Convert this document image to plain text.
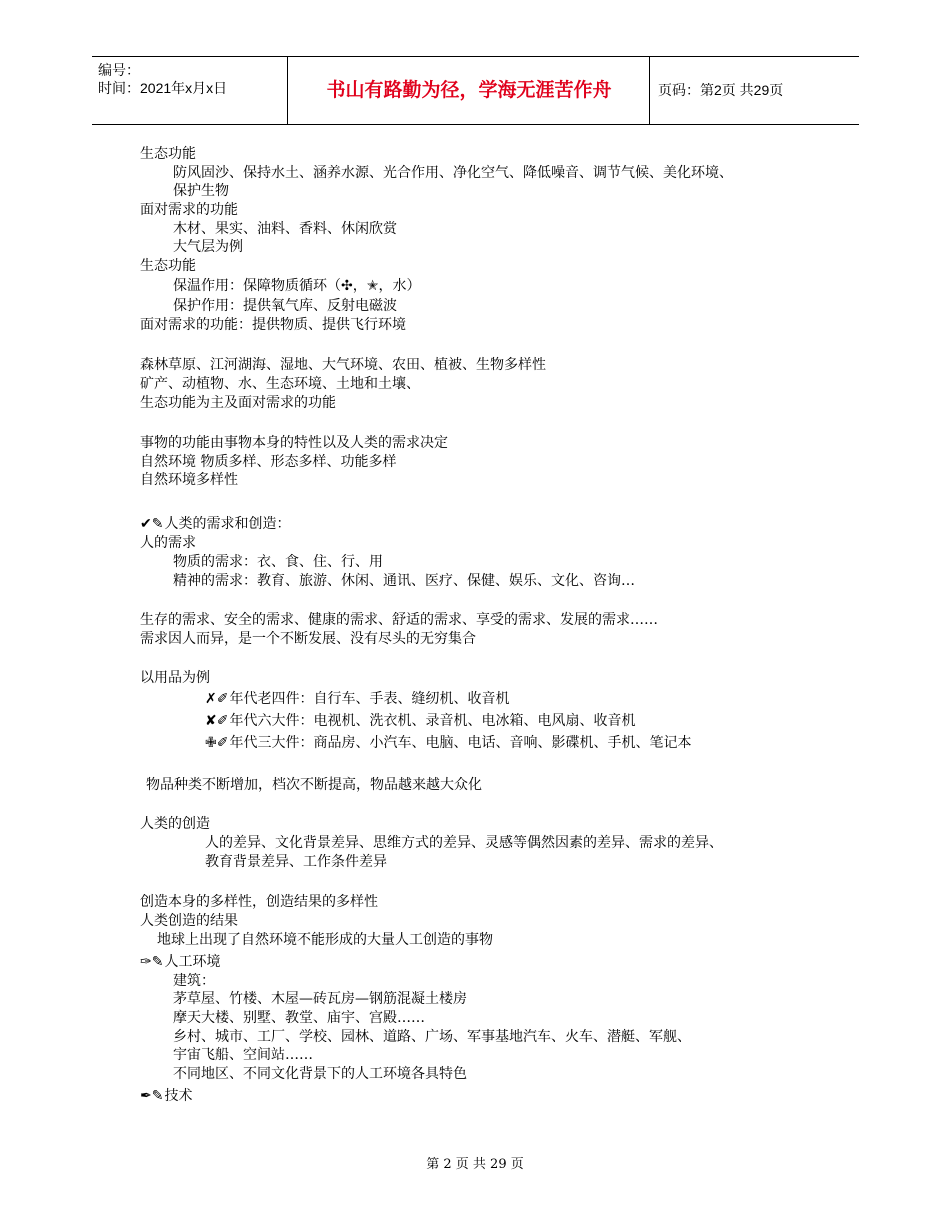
编号：
时间：2021年x月x日	书山有路勤为径，学海无涯苦作舟	页码：第2页 共29页
生态功能
防风固沙、保持水土、涵养水源、光合作用、净化空气、降低噪音、调节气候、美化环境、
保护生物
面对需求的功能
木材、果实、油料、香料、休闲欣赏
大气层为例
生态功能
保温作用：保障物质循环（✣，✭，水）
保护作用：提供氧气库、反射电磁波
面对需求的功能：提供物质、提供飞行环境
森林草原、江河湖海、湿地、大气环境、农田、植被、生物多样性
矿产、动植物、水、生态环境、土地和土壤、
生态功能为主及面对需求的功能
事物的功能由事物本身的特性以及人类的需求决定
自然环境 物质多样、形态多样、功能多样
自然环境多样性
✔✎人类的需求和创造：
人的需求
物质的需求：衣、食、住、行、用
精神的需求：教育、旅游、休闲、通讯、医疗、保健、娱乐、文化、咨询…
生存的需求、安全的需求、健康的需求、舒适的需求、享受的需求、发展的需求……
需求因人而异，是一个不断发展、没有尽头的无穷集合
以用品为例
✗✐年代老四件：自行车、手表、缝纫机、收音机
✘✐年代六大件：电视机、洗衣机、录音机、电冰箱、电风扇、收音机
✙✐年代三大件：商品房、小汽车、电脑、电话、音响、影碟机、手机、笔记本
物品种类不断增加，档次不断提高，物品越来越大众化
人类的创造
人的差异、文化背景差异、思维方式的差异、灵感等偶然因素的差异、需求的差异、
教育背景差异、工作条件差异
创造本身的多样性，创造结果的多样性
人类创造的结果
地球上出现了自然环境不能形成的大量人工创造的事物
✑✎人工环境
建筑：
茅草屋、竹楼、木屋—砖瓦房—钢筋混凝土楼房
摩天大楼、别墅、教堂、庙宇、宫殿……
乡村、城市、工厂、学校、园林、道路、广场、军事基地汽车、火车、潜艇、军舰、
宇宙飞船、空间站……
不同地区、不同文化背景下的人工环境各具特色
✒✎技术
第 2 页 共 29 页
